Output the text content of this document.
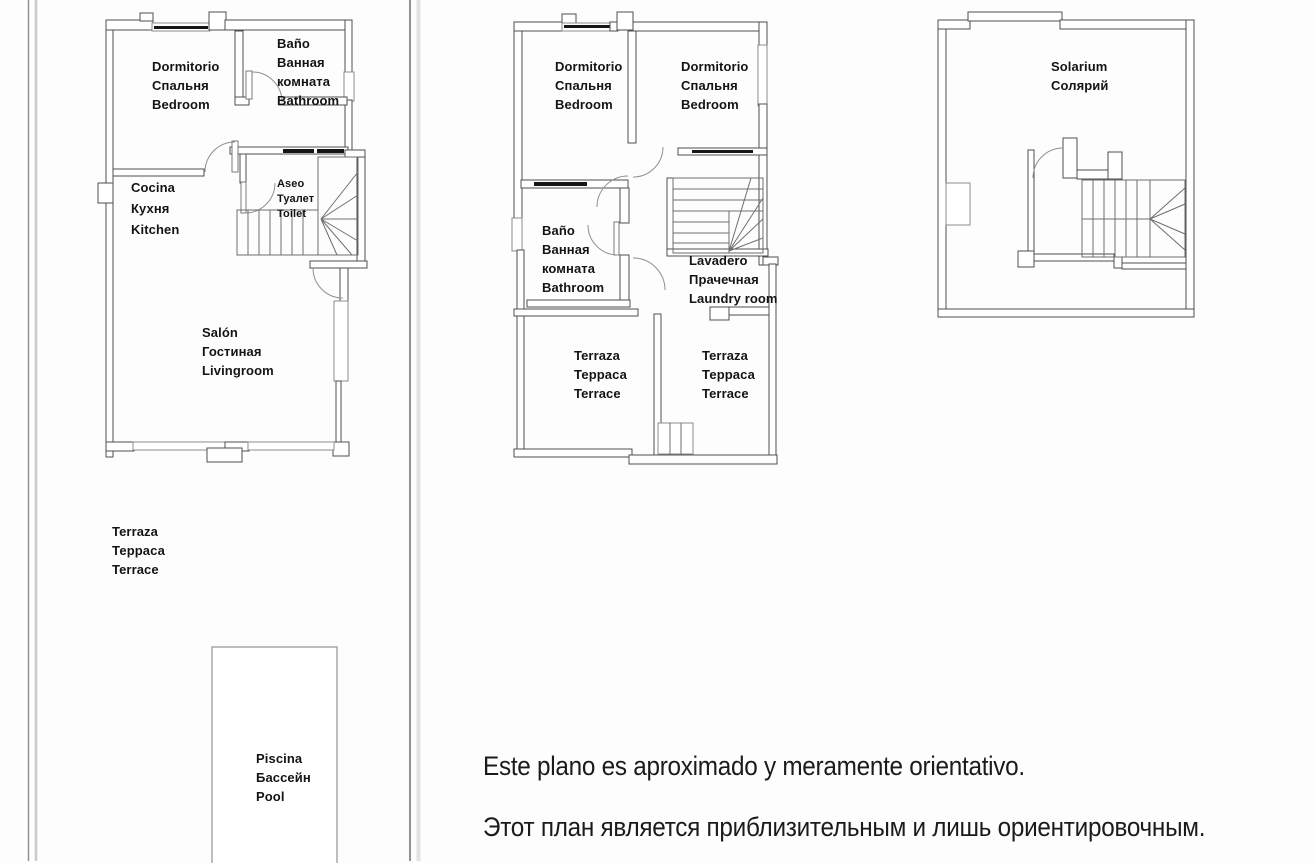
Dormitorio
Спальня
Bedroom
Baño
Ванная
комната
Bathroom
Cocina
Кухня
Kitchen
Aseo
Туалет
Toilet
Salón
Гостиная
Livingroom
Terraza
Терраса
Terrace
Piscina
Бассейн
Pool
Dormitorio
Спальня
Bedroom
Dormitorio
Спальня
Bedroom
Baño
Ванная
комната
Bathroom
Lavadero
Прачечная
Laundry room
Terraza
Терраса
Terrace
Terraza
Терраса
Terrace
Solarium
Солярий
Este plano es aproximado y meramente orientativo.
Этот план является приблизительным и лишь ориентировочным.
